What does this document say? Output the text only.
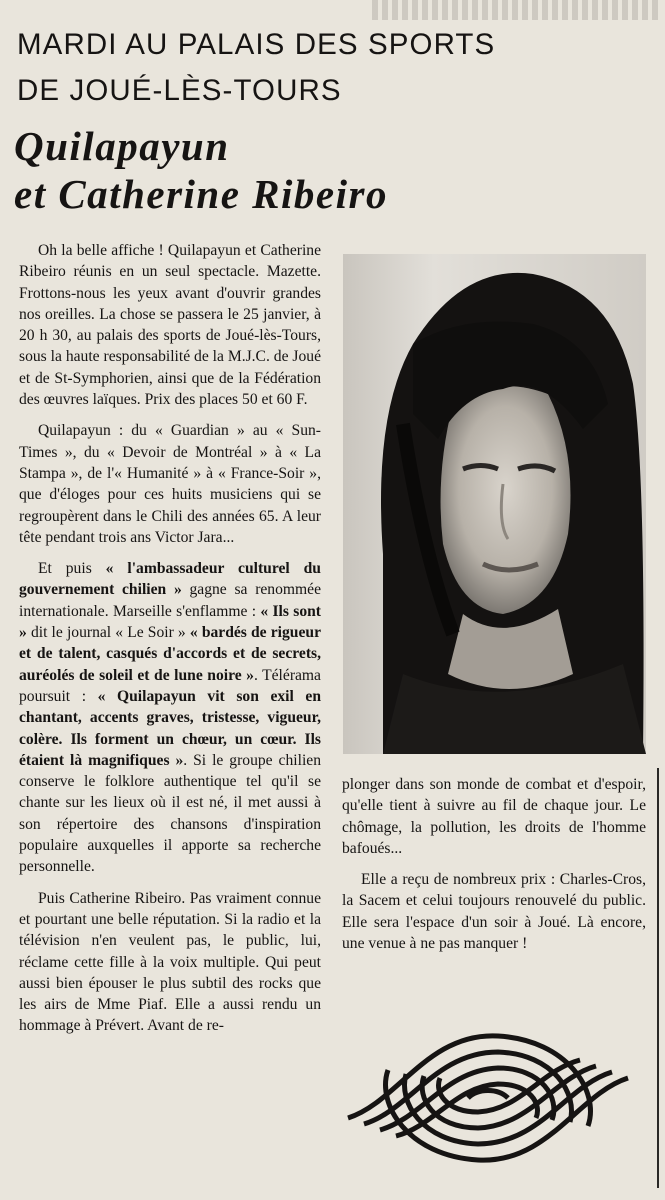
MARDI AU PALAIS DES SPORTS
DE JOUÉ-LÈS-TOURS
Quilapayun
et Catherine Ribeiro

Oh la belle affiche ! Quilapayun et Catherine Ribeiro réunis en un seul spectacle. Mazette. Frottons-nous les yeux avant d'ouvrir grandes nos oreilles. La chose se passera le 25 janvier, à 20 h 30, au palais des sports de Joué-lès-Tours, sous la haute responsabilité de la M.J.C. de Joué et de St-Symphorien, ainsi que de la Fédération des œuvres laïques. Prix des places 50 et 60 F.

Quilapayun : du « Guardian » au « Sun-Times », du « Devoir de Montréal » à « La Stampa », de l'« Humanité » à « France-Soir », que d'éloges pour ces huits musiciens qui se regroupèrent dans le Chili des années 65. A leur tête pendant trois ans Victor Jara...

Et puis « l'ambassadeur culturel du gouvernement chilien » gagne sa renommée internationale. Marseille s'enflamme : « Ils sont » dit le journal « Le Soir » « bardés de rigueur et de talent, casqués d'accords et de secrets, auréolés de soleil et de lune noire ». Télérama poursuit : « Quilapayun vit son exil en chantant, accents graves, tristesse, vigueur, colère. Ils forment un chœur, un cœur. Ils étaient là magnifiques ». Si le groupe chilien conserve le folklore authentique tel qu'il se chante sur les lieux où il est né, il met aussi à son répertoire des chansons d'inspiration populaire auxquelles il apporte sa recherche personnelle.

Puis Catherine Ribeiro. Pas vraiment connue et pourtant une belle réputation. Si la radio et la télévision n'en veulent pas, le public, lui, réclame cette fille à la voix multiple. Qui peut aussi bien épouser le plus subtil des rocks que les airs de Mme Piaf. Elle a aussi rendu un hommage à Prévert. Avant de re-

plonger dans son monde de combat et d'espoir, qu'elle tient à suivre au fil de chaque jour. Le chômage, la pollution, les droits de l'homme bafoués...

Elle a reçu de nombreux prix : Charles-Cros, la Sacem et celui toujours renouvelé du public. Elle sera l'espace d'un soir à Joué. Là encore, une venue à ne pas manquer !
